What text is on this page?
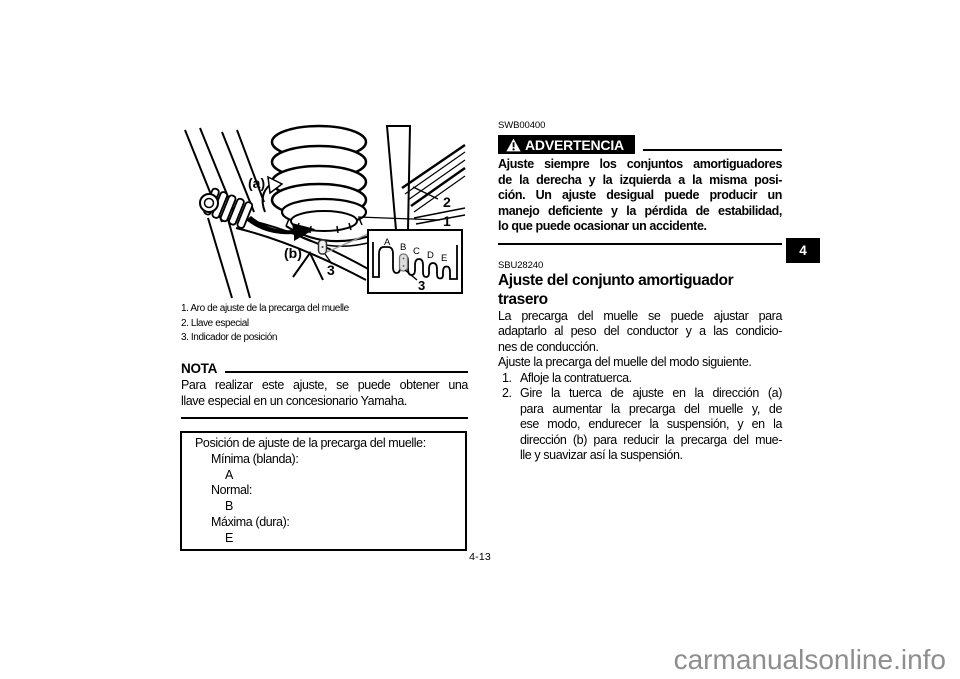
(a)
(b)
2
1
3
A B C D E
3
1. Aro de ajuste de la precarga del muelle
2. Llave especial
3. Indicador de posición
NOTA
Para realizar este ajuste, se puede obtener una
llave especial en un concesionario Yamaha.
Posición de ajuste de la precarga del muelle:
Mínima (blanda):
A
Normal:
B
Máxima (dura):
E
4-13
SWB00400
ADVERTENCIA
Ajuste siempre los conjuntos amortiguadores
de la derecha y la izquierda a la misma posi-
ción. Un ajuste desigual puede producir un
manejo deficiente y la pérdida de estabilidad,
lo que puede ocasionar un accidente.
SBU28240
Ajuste del conjunto amortiguador
trasero
La precarga del muelle se puede ajustar para
adaptarlo al peso del conductor y a las condicio-
nes de conducción.
Ajuste la precarga del muelle del modo siguiente.
1. Afloje la contratuerca.
2. Gire la tuerca de ajuste en la dirección (a)
para aumentar la precarga del muelle y, de
ese modo, endurecer la suspensión, y en la
dirección (b) para reducir la precarga del mue-
lle y suavizar así la suspensión.
4
carmanualsonline.info
